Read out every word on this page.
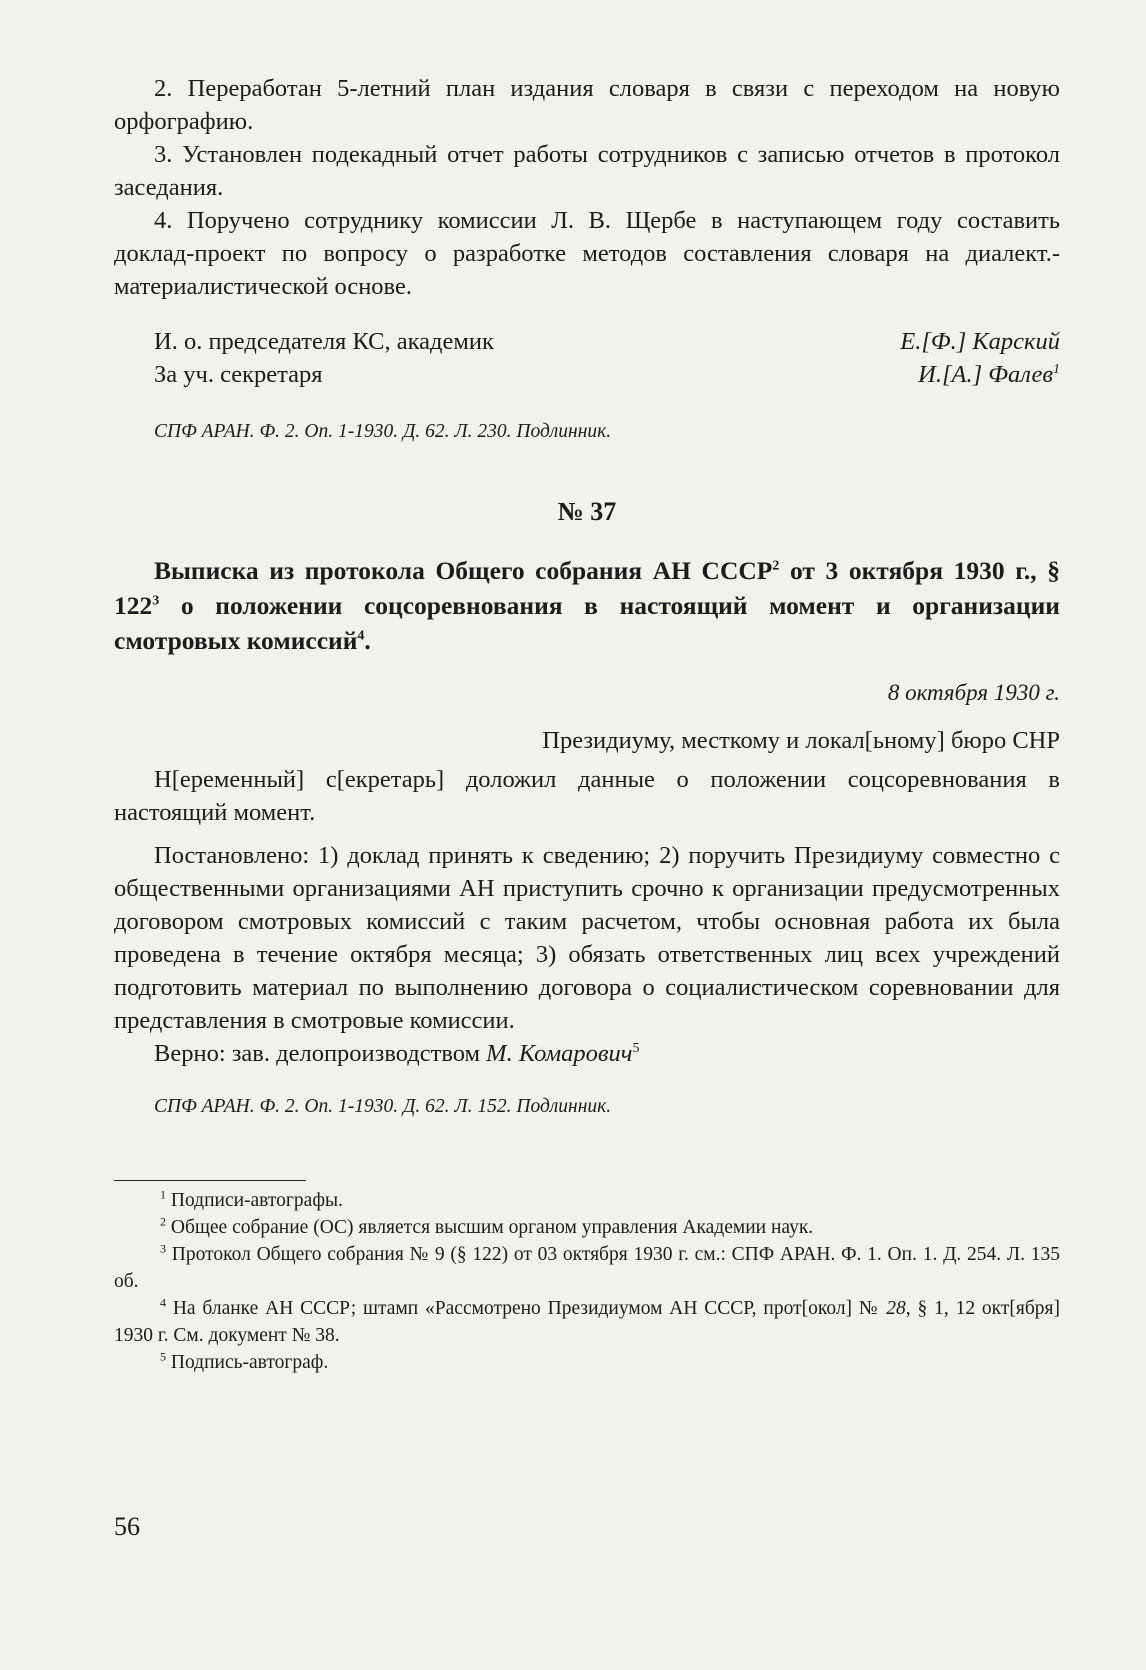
2. Переработан 5-летний план издания словаря в связи с переходом на новую орфографию.

3. Установлен подекадный отчет работы сотрудников с записью отчетов в протокол заседания.

4. Поручено сотруднику комиссии Л. В. Щербе в наступающем году составить доклад-проект по вопросу о разработке методов составления словаря на диалект.-материалистической основе.

И. о. председателя КС, академик	Е.[Ф.] Карский
За уч. секретаря	И.[А.] Фалев$^1$
СПФ АРАН. Ф. 2. Оп. 1-1930. Д. 62. Л. 230. Подлинник.
№ 37
Выписка из протокола Общего собрания АН СССР$^2$ от 3 октября 1930 г., § $122^3$ о положении соцсоревнования в настоящий момент и организации смотровых комиссий$^4$.
8 октября 1930 г.
Президиуму, месткому и локал[ьному] бюро СНР

Н[еременный] с[екретарь] доложил данные о положении соцсоревнования в настоящий момент.

Постановлено: 1) доклад принять к сведению; 2) поручить Президиуму совместно с общественными организациями АН приступить срочно к организации предусмотренных договором смотровых комиссий с таким расчетом, чтобы основная работа их была проведена в течение октября месяца; 3) обязать ответственных лиц всех учреждений подготовить материал по выполнению договора о социалистическом соревновании для представления в смотровые комиссии.

Верно: зав. делопроизводством М. Комарович$^5$

СПФ АРАН. Ф. 2. Оп. 1-1930. Д. 62. Л. 152. Подлинник.
$^1$ Подписи-автографы.
$^2$ Общее собрание (ОС) является высшим органом управления Академии наук.
$^3$ Протокол Общего собрания № 9 (§ 122) от 03 октября 1930 г. см.: СПФ АРАН. Ф. 1. Оп. 1. Д. 254. Л. 135 об.
$^4$ На бланке АН СССР; штамп «Рассмотрено Президиумом АН СССР, прот[окол] № 28, § 1, 12 окт[ября] 1930 г. См. документ № 38.
$^5$ Подпись-автограф.
56
